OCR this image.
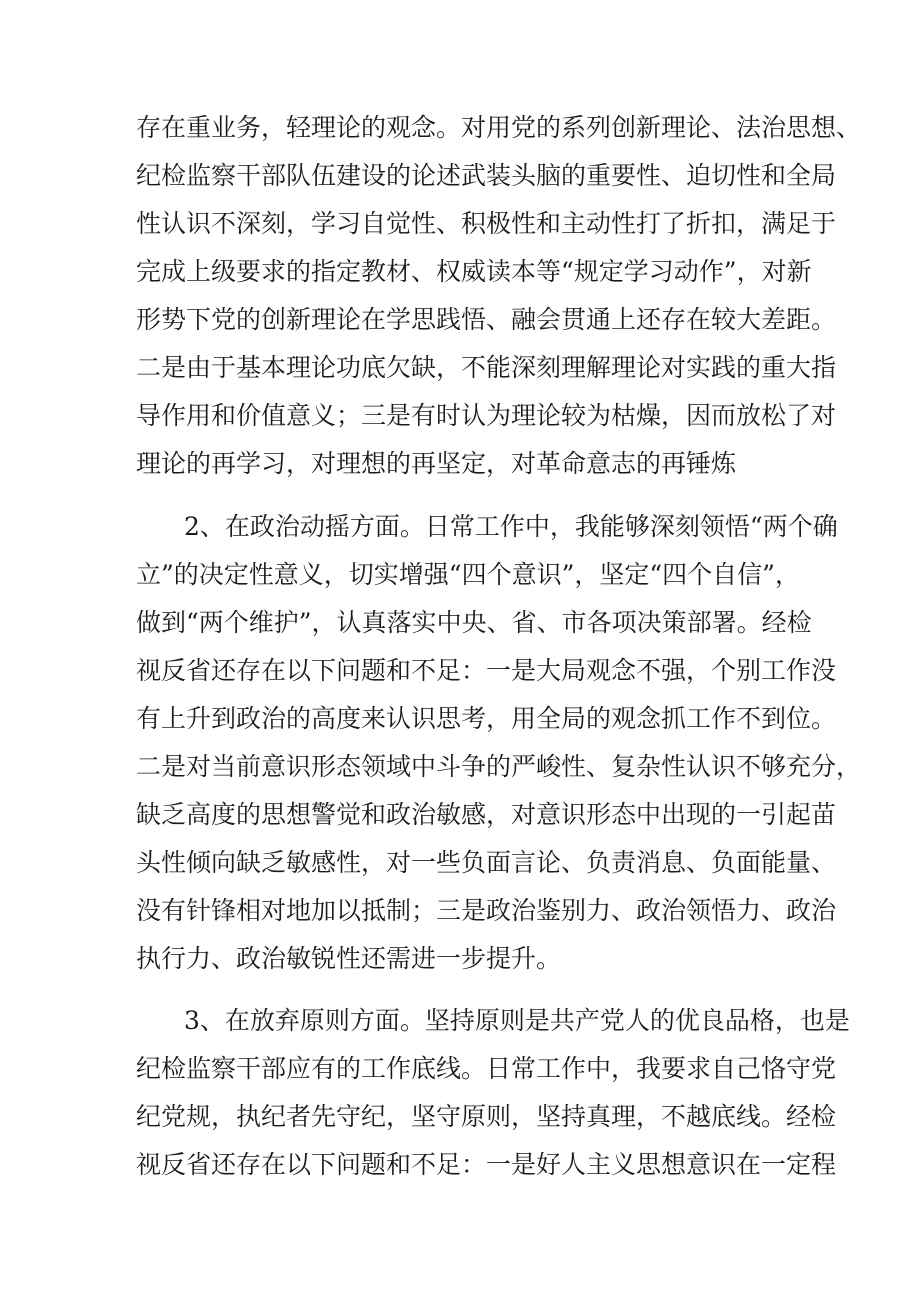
存在重业务，轻理论的观念。对用党的系列创新理论、法治思想、
纪检监察干部队伍建设的论述武装头脑的重要性、迫切性和全局
性认识不深刻，学习自觉性、积极性和主动性打了折扣，满足于
完成上级要求的指定教材、权威读本等“规定学习动作”，对新
形势下党的创新理论在学思践悟、融会贯通上还存在较大差距。
二是由于基本理论功底欠缺，不能深刻理解理论对实践的重大指
导作用和价值意义；三是有时认为理论较为枯燥，因而放松了对
理论的再学习，对理想的再坚定，对革命意志的再锤炼
2、在政治动摇方面。日常工作中，我能够深刻领悟“两个确
立”的决定性意义，切实增强“四个意识”，坚定“四个自信”，
做到“两个维护”，认真落实中央、省、市各项决策部署。经检
视反省还存在以下问题和不足：一是大局观念不强，个别工作没
有上升到政治的高度来认识思考，用全局的观念抓工作不到位。
二是对当前意识形态领域中斗争的严峻性、复杂性认识不够充分，
缺乏高度的思想警觉和政治敏感，对意识形态中出现的一引起苗
头性倾向缺乏敏感性，对一些负面言论、负责消息、负面能量、
没有针锋相对地加以抵制；三是政治鉴别力、政治领悟力、政治
执行力、政治敏锐性还需进一步提升。
3、在放弃原则方面。坚持原则是共产党人的优良品格，也是
纪检监察干部应有的工作底线。日常工作中，我要求自己恪守党
纪党规，执纪者先守纪，坚守原则，坚持真理，不越底线。经检
视反省还存在以下问题和不足：一是好人主义思想意识在一定程
